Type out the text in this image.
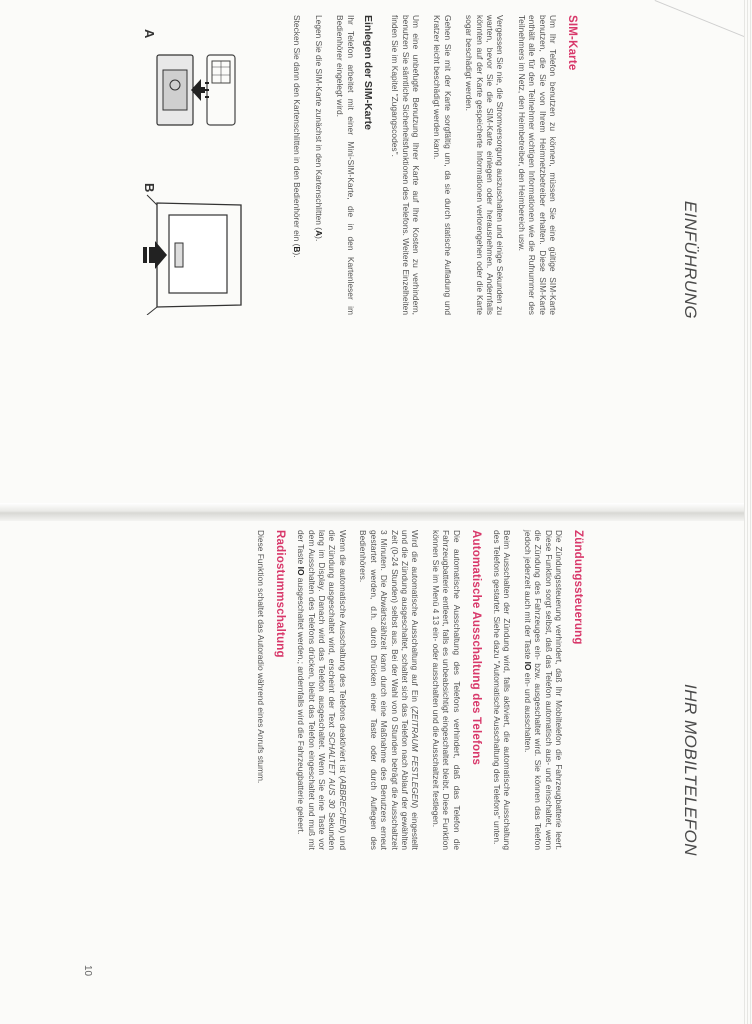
EINFÜHRUNG
SIM-Karte

Um Ihr Telefon benutzen zu können, müssen Sie eine gültige SIM-Karte benutzen, die Sie von Ihrem Heimnetzbetreiber erhalten. Diese SIM-Karte enthält alle für den Teilnehmer wichtigen Informationen wie die Rufnummer des Teilnehmers im Netz, den Heimbetreiber, den Heimbereich usw.

Vergessen Sie nie, die Stromversorgung auszuschalten und einige Sekunden zu warten, bevor Sie die SIM-Karte einlegen oder herausnehmen. Andernfalls könnten auf der Karte gespeicherte Informationen verlorengehen oder die Karte sogar beschädigt werden.

Gehen Sie mit der Karte sorgfältig um, da sie durch statische Aufladung und Kratzer leicht beschädigt werden kann.

Um eine unbefugte Benutzung Ihrer Karte auf Ihre Kosten zu verhindern, benutzen Sie sämtliche Sicherheitsfunktionen des Telefons. Weitere Einzelheiten finden Sie im Kapitel "Zugangscodes".

Einlegen der SIM-Karte

Ihr Telefon arbeitet mit einer Mini-SIM-Karte, die in den Kartenleser im Bedienhörer eingelegt wird.

Legen Sie die SIM-Karte zunächst in den Kartenschlitten (A).

Stecken Sie dann den Kartenschlitten in den Bedienhörer ein (B).

A
B
IHR MOBILTELEFON
Zündungssteuerung

Die Zündungssteuerung verhindert, daß Ihr Mobiltelefon die Fahrzeugbatterie leert. Diese Funktion sorgt selbst, daß das Telefon automatisch aus- und einschaltet, wenn die Zündung des Fahrzeuges ein- bzw. ausgeschaltet wird. Sie können das Telefon jedoch jederzeit auch mit der Taste IO ein- und ausschalten.

Beim Ausschalten der Zündung wird, falls aktiviert, die automatische Ausschaltung des Telefons gestartet. Siehe dazu "Automatische Ausschaltung des Telefons" unten.

Automatische Ausschaltung des Telefons

Die automatische Ausschaltung des Telefons verhindert, daß das Telefon die Fahrzeugbatterie entleert, falls es unbeabsichtigt eingeschaltet bleibt. Diese Funktion können Sie im Menü 4 13 ein- oder ausschalten und die Ausschaltzeit festlegen.

Wird die automatische Ausschaltung auf Ein (ZEITRAUM FESTLEGEN) eingestellt und die Zündung ausgeschaltet, schaltet sich das Telefon nach Ablauf der gewählten Zeit (0-24 Stunden) selbst aus. Bei der Wahl von 0 Stunden beträgt die Ausschaltzeit 3 Minuten. Die Abwärtszählzeit kann durch eine Maßnahme des Benutzers erneut gestartet werden, d.h. durch Drücken einer Taste oder durch Auflegen des Bedienhörers.

Wenn die automatische Ausschaltung des Telefons deaktiviert ist (ABBRECHEN) und die Zündung ausgeschaltet wird, erscheint der Text SCHALTET AUS 30 Sekunden lang im Display. Danach wird das Telefon ausgeschaltet. Wenn Sie eine Taste vor dem Ausschalten des Telefons drücken, bleibt das Telefon eingeschaltet und muß mit der Taste IO ausgeschaltet werden.; andernfalls wird die Fahrzeugbatterie geleert.

Radiostummschaltung

Diese Funktion schaltet das Autoradio während eines Anrufs stumm.

10
